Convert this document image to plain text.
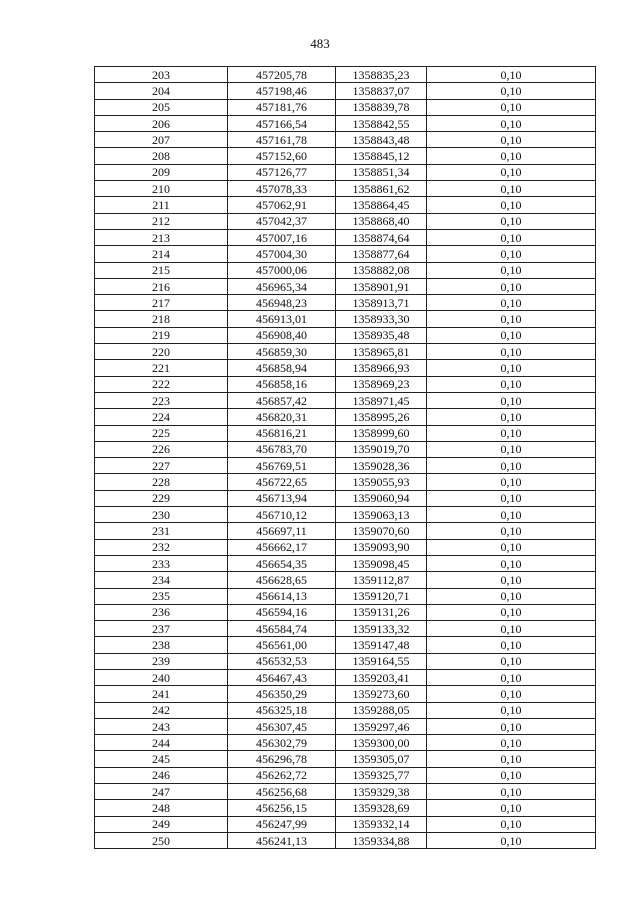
483
203	457205,78	1358835,23	0,10
204	457198,46	1358837,07	0,10
205	457181,76	1358839,78	0,10
206	457166,54	1358842,55	0,10
207	457161,78	1358843,48	0,10
208	457152,60	1358845,12	0,10
209	457126,77	1358851,34	0,10
210	457078,33	1358861,62	0,10
211	457062,91	1358864,45	0,10
212	457042,37	1358868,40	0,10
213	457007,16	1358874,64	0,10
214	457004,30	1358877,64	0,10
215	457000,06	1358882,08	0,10
216	456965,34	1358901,91	0,10
217	456948,23	1358913,71	0,10
218	456913,01	1358933,30	0,10
219	456908,40	1358935,48	0,10
220	456859,30	1358965,81	0,10
221	456858,94	1358966,93	0,10
222	456858,16	1358969,23	0,10
223	456857,42	1358971,45	0,10
224	456820,31	1358995,26	0,10
225	456816,21	1358999,60	0,10
226	456783,70	1359019,70	0,10
227	456769,51	1359028,36	0,10
228	456722,65	1359055,93	0,10
229	456713,94	1359060,94	0,10
230	456710,12	1359063,13	0,10
231	456697,11	1359070,60	0,10
232	456662,17	1359093,90	0,10
233	456654,35	1359098,45	0,10
234	456628,65	1359112,87	0,10
235	456614,13	1359120,71	0,10
236	456594,16	1359131,26	0,10
237	456584,74	1359133,32	0,10
238	456561,00	1359147,48	0,10
239	456532,53	1359164,55	0,10
240	456467,43	1359203,41	0,10
241	456350,29	1359273,60	0,10
242	456325,18	1359288,05	0,10
243	456307,45	1359297,46	0,10
244	456302,79	1359300,00	0,10
245	456296,78	1359305,07	0,10
246	456262,72	1359325,77	0,10
247	456256,68	1359329,38	0,10
248	456256,15	1359328,69	0,10
249	456247,99	1359332,14	0,10
250	456241,13	1359334,88	0,10
